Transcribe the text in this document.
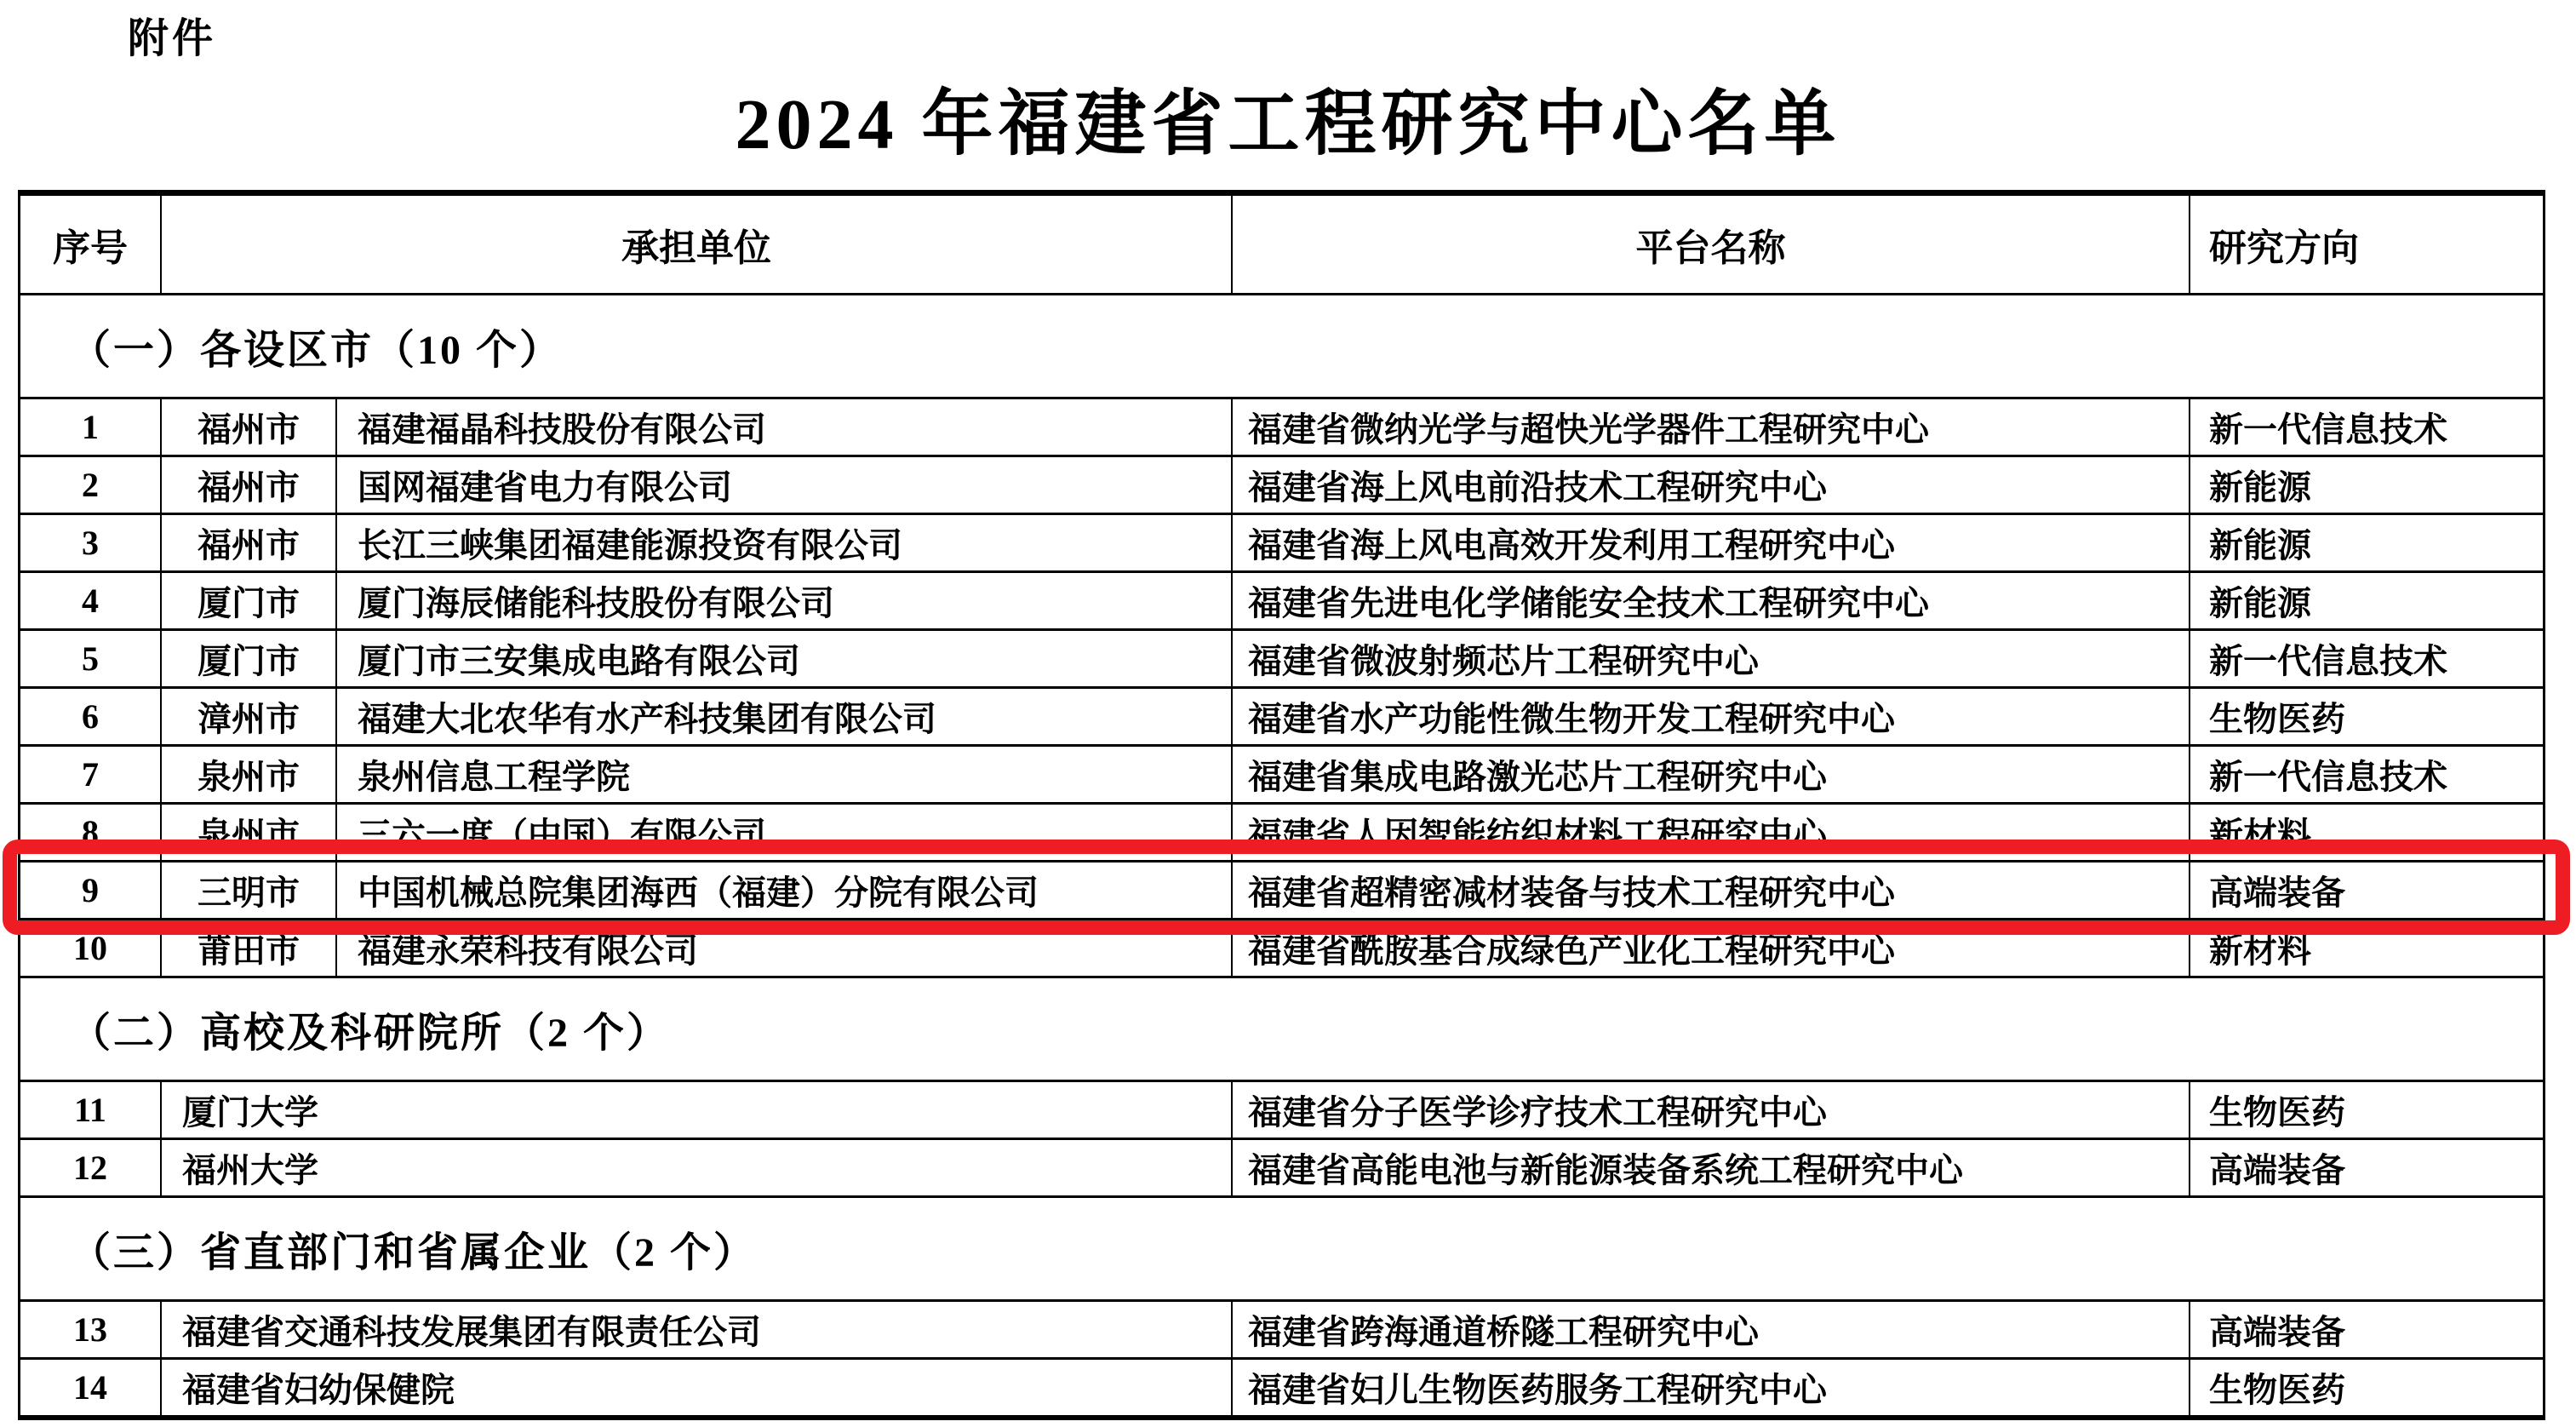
附件
2024 年福建省工程研究中心名单
序号	承担单位	平台名称	研究方向
（一）各设区市（10 个）
1	福州市	福建福晶科技股份有限公司	福建省微纳光学与超快光学器件工程研究中心	新一代信息技术
2	福州市	国网福建省电力有限公司	福建省海上风电前沿技术工程研究中心	新能源
3	福州市	长江三峡集团福建能源投资有限公司	福建省海上风电高效开发利用工程研究中心	新能源
4	厦门市	厦门海辰储能科技股份有限公司	福建省先进电化学储能安全技术工程研究中心	新能源
5	厦门市	厦门市三安集成电路有限公司	福建省微波射频芯片工程研究中心	新一代信息技术
6	漳州市	福建大北农华有水产科技集团有限公司	福建省水产功能性微生物开发工程研究中心	生物医药
7	泉州市	泉州信息工程学院	福建省集成电路激光芯片工程研究中心	新一代信息技术
8	泉州市	三六一度（中国）有限公司	福建省人因智能纺织材料工程研究中心	新材料
9	三明市	中国机械总院集团海西（福建）分院有限公司	福建省超精密减材装备与技术工程研究中心	高端装备
10	莆田市	福建永荣科技有限公司	福建省酰胺基合成绿色产业化工程研究中心	新材料
（二）高校及科研院所（2 个）
11	厦门大学	福建省分子医学诊疗技术工程研究中心	生物医药
12	福州大学	福建省高能电池与新能源装备系统工程研究中心	高端装备
（三）省直部门和省属企业（2 个）
13	福建省交通科技发展集团有限责任公司	福建省跨海通道桥隧工程研究中心	高端装备
14	福建省妇幼保健院	福建省妇儿生物医药服务工程研究中心	生物医药
